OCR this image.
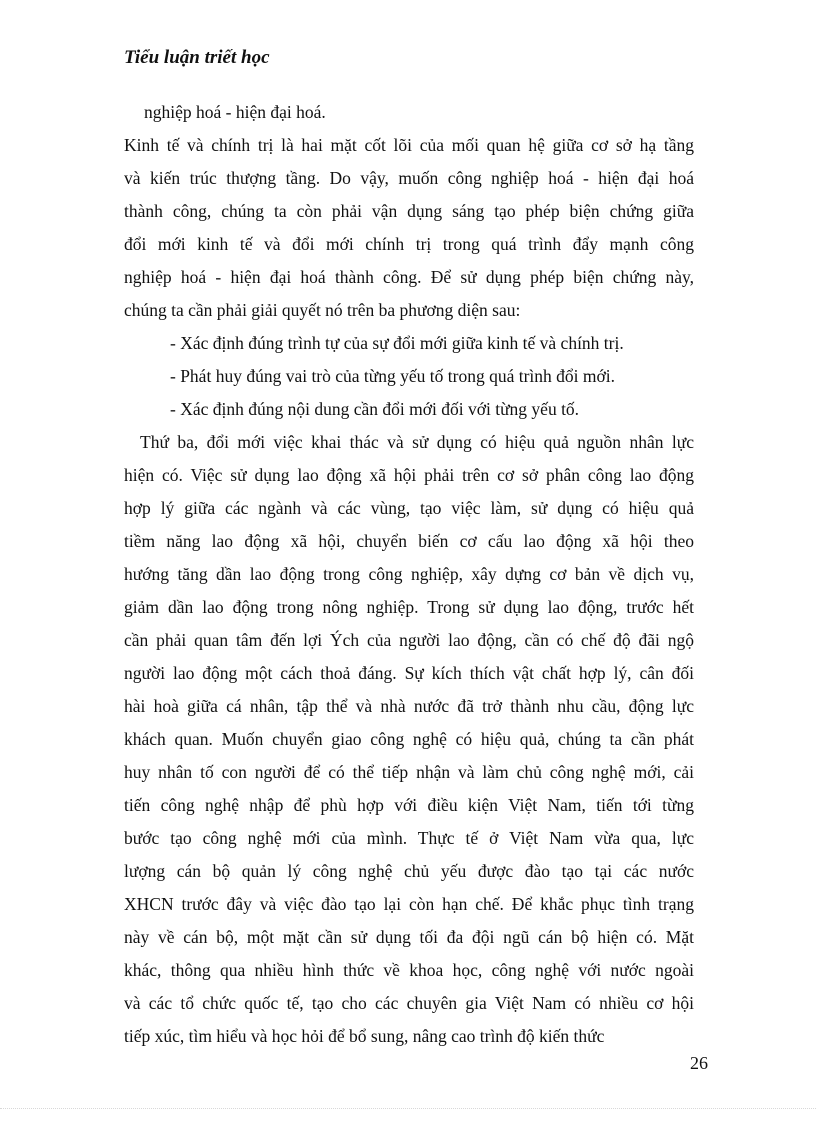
Tiểu luận triết học
nghiệp hoá - hiện đại hoá.
Kinh tế và chính trị là hai mặt cốt lõi của mối quan hệ giữa cơ sở hạ tầng
và kiến trúc thượng tầng. Do vậy, muốn công nghiệp hoá - hiện đại hoá
thành công, chúng ta còn phải vận dụng sáng tạo phép biện chứng giữa
đổi mới kinh tế và đổi mới chính trị trong quá trình đẩy mạnh công
nghiệp hoá - hiện đại hoá thành công. Để sử dụng phép biện chứng này,
chúng ta cần phải giải quyết nó trên ba phương diện sau:
- Xác định đúng trình tự của sự đổi mới giữa kinh tế và chính trị.
- Phát huy đúng vai trò của từng yếu tố trong quá trình đổi mới.
- Xác định đúng nội dung cần đổi mới đối với từng yếu tố.
Thứ ba, đổi mới việc khai thác và sử dụng có hiệu quả nguồn nhân lực
hiện có. Việc sử dụng lao động xã hội phải trên cơ sở phân công lao động
hợp lý giữa các ngành và các vùng, tạo việc làm, sử dụng có hiệu quả
tiềm năng lao động xã hội, chuyển biến cơ cấu lao động xã hội theo
hướng tăng dần lao động trong công nghiệp, xây dựng cơ bản về dịch vụ,
giảm dần lao động trong nông nghiệp. Trong sử dụng lao động, trước hết
cần phải quan tâm đến lợi Ých của người lao động, cần có chế độ đãi ngộ
người lao động một cách thoả đáng. Sự kích thích vật chất hợp lý, cân đối
hài hoà giữa cá nhân, tập thể và nhà nước đã trở thành nhu cầu, động lực
khách quan. Muốn chuyển giao công nghệ có hiệu quả, chúng ta cần phát
huy nhân tố con người để có thể tiếp nhận và làm chủ công nghệ mới, cải
tiến công nghệ nhập để phù hợp với điều kiện Việt Nam, tiến tới từng
bước tạo công nghệ mới của mình. Thực tế ở Việt Nam vừa qua, lực
lượng cán bộ quản lý công nghệ chủ yếu được đào tạo tại các nước
XHCN trước đây và việc đào tạo lại còn hạn chế. Để khắc phục tình trạng
này về cán bộ, một mặt cần sử dụng tối đa đội ngũ cán bộ hiện có. Mặt
khác, thông qua nhiều hình thức về khoa học, công nghệ với nước ngoài
và các tổ chức quốc tế, tạo cho các chuyên gia Việt Nam có nhiều cơ hội
tiếp xúc, tìm hiểu và học hỏi để bổ sung, nâng cao trình độ kiến thức

26
